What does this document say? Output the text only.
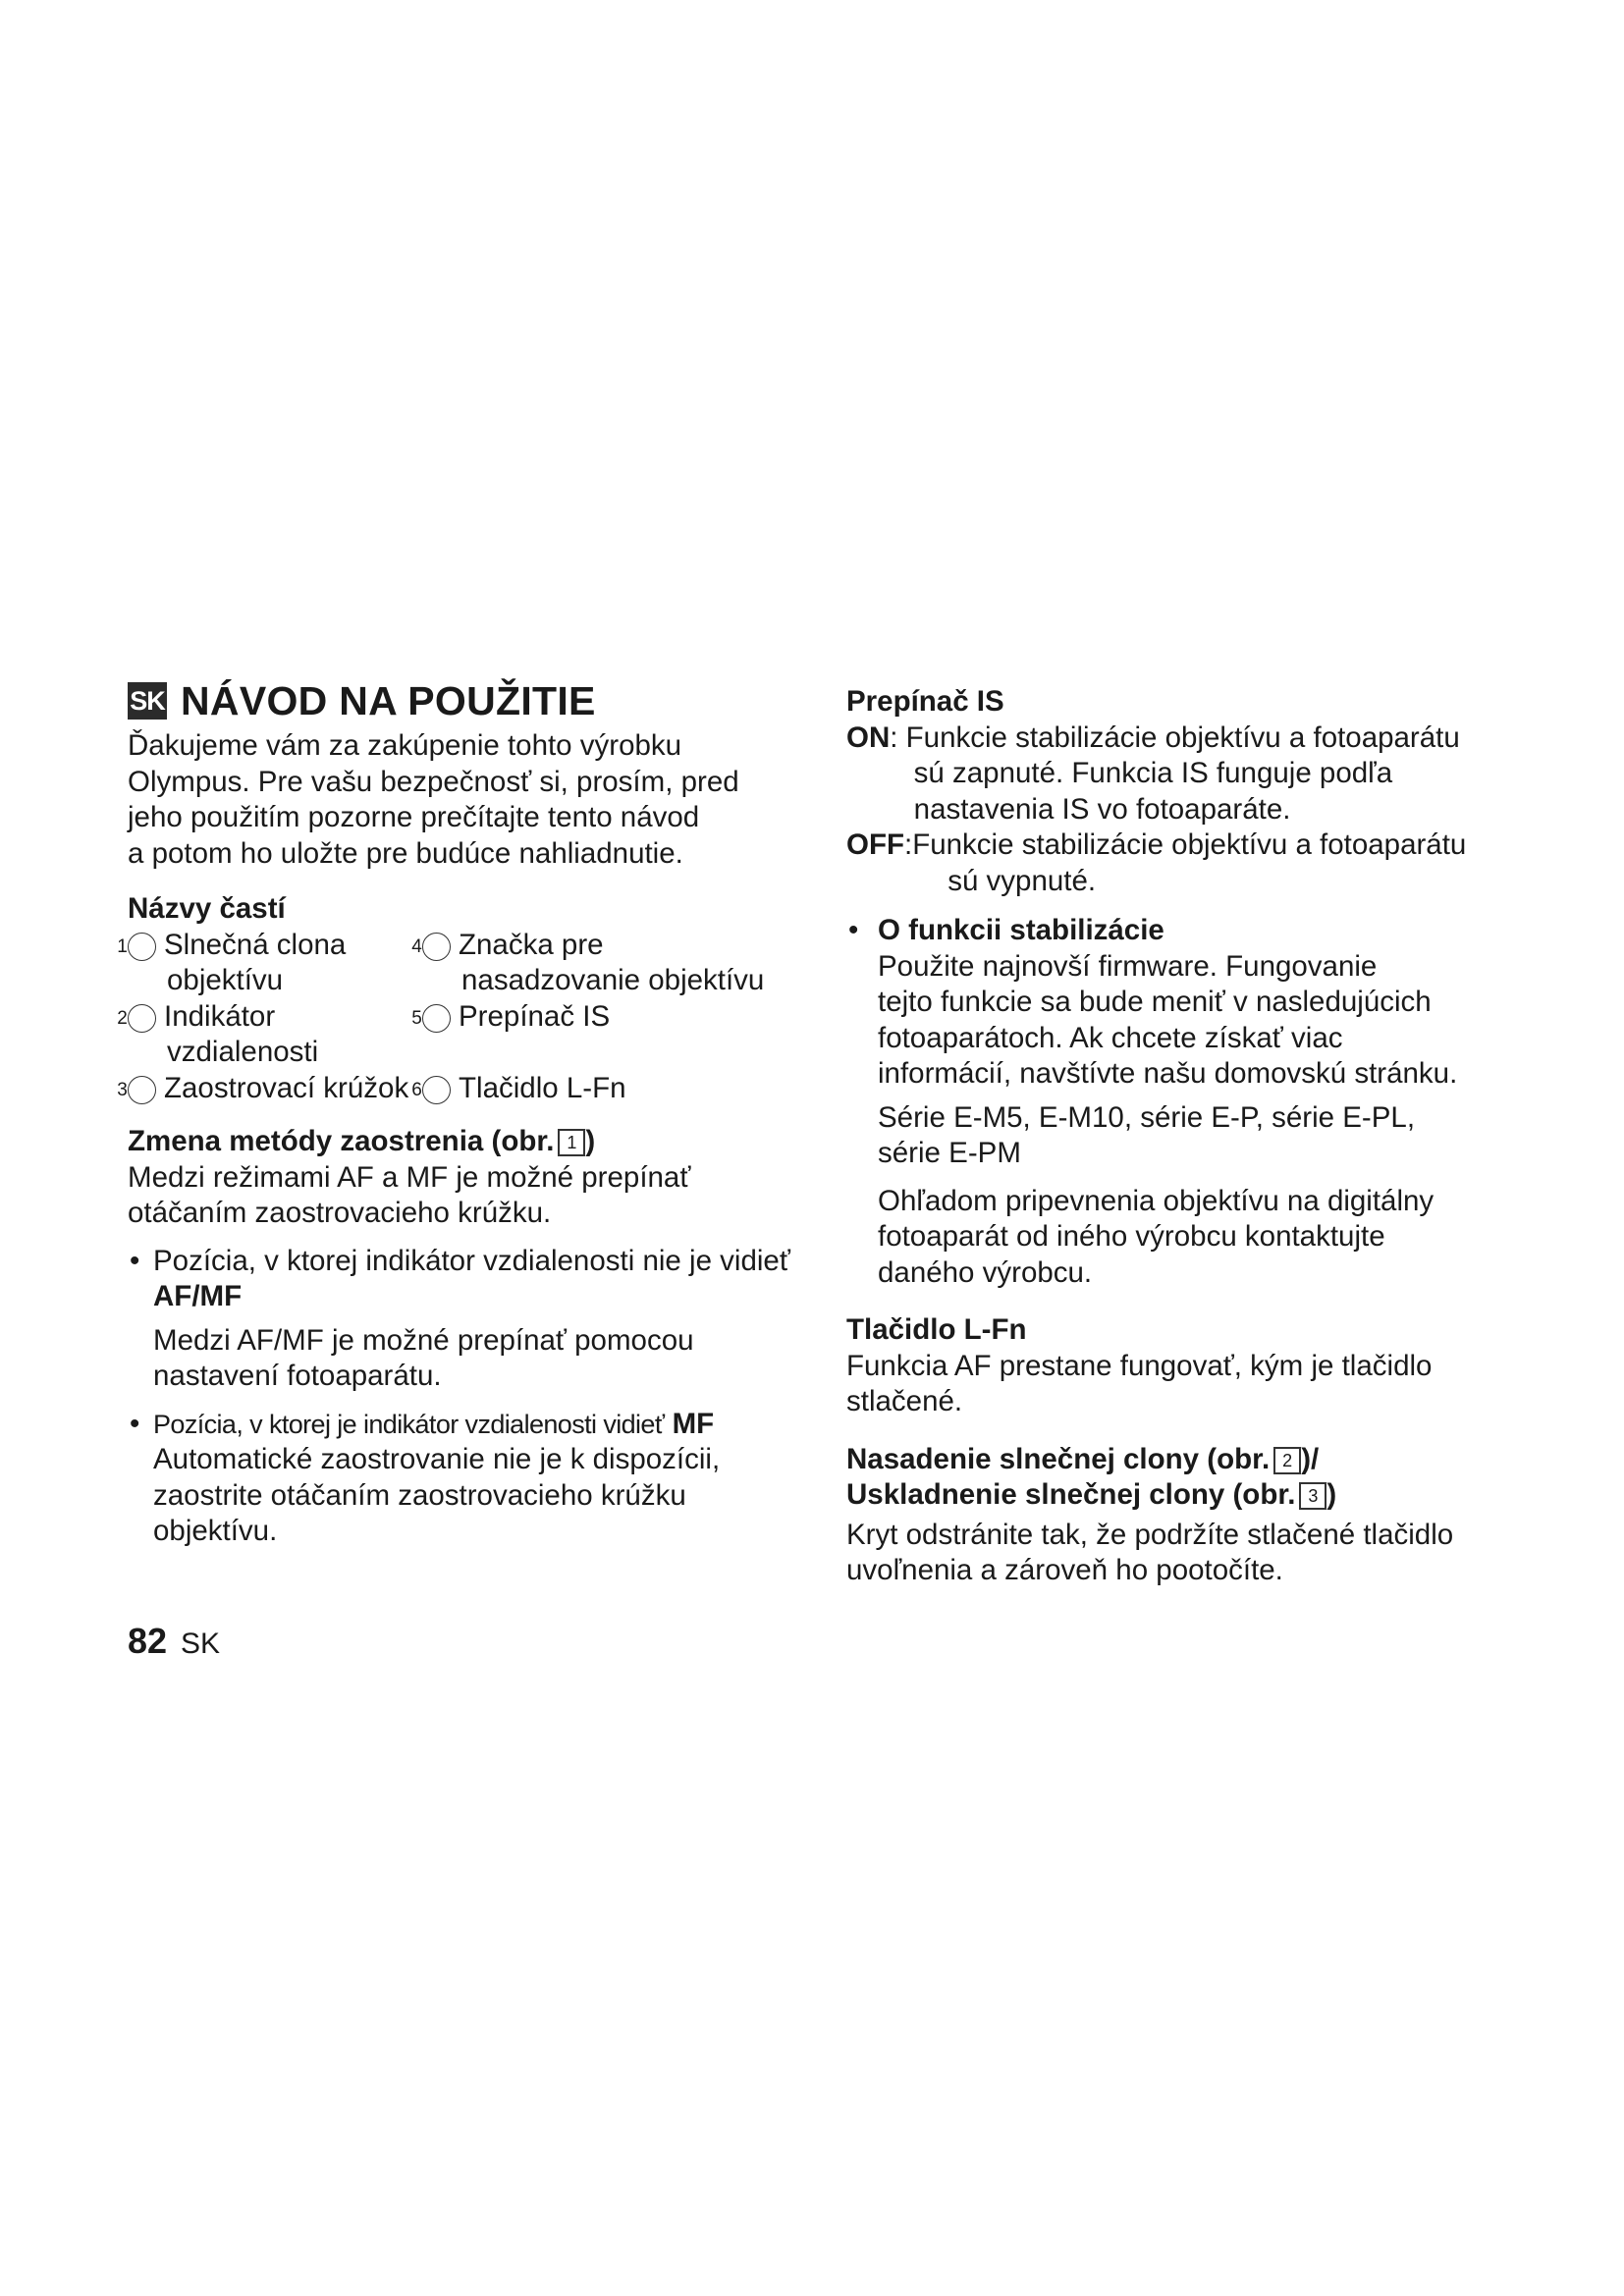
SK NÁVOD NA POUŽITIE
Ďakujeme vám za zakúpenie tohto výrobku
Olympus. Pre vašu bezpečnosť si, prosím, pred
jeho použitím pozorne prečítajte tento návod
a potom ho uložte pre budúce nahliadnutie.
Názvy častí
1 Slnečná clona objektívu
4 Značka pre nasadzovanie objektívu
2 Indikátor vzdialenosti
5 Prepínač IS
3 Zaostrovací krúžok 6 Tlačidlo L-Fn
Zmena metódy zaostrenia (obr. 1 )
Medzi režimami AF a MF je možné prepínať
otáčaním zaostrovacieho krúžku.
• Pozícia, v ktorej indikátor vzdialenosti nie je vidieť AF/MF
Medzi AF/MF je možné prepínať pomocou
nastavení fotoaparátu.
• Pozícia, v ktorej je indikátor vzdialenosti vidieť MF
Automatické zaostrovanie nie je k dispozícii,
zaostrite otáčaním zaostrovacieho krúžku
objektívu.
Prepínač IS
ON : Funkcie stabilizácie objektívu a fotoaparátu
sú zapnuté. Funkcia IS funguje podľa
nastavenia IS vo fotoaparáte.
OFF : Funkcie stabilizácie objektívu a fotoaparátu
sú vypnuté.
• O funkcii stabilizácie
Použite najnovší firmware. Fungovanie
tejto funkcie sa bude meniť v nasledujúcich
fotoaparátoch. Ak chcete získať viac
informácií, navštívte našu domovskú stránku.
Série E-M5, E-M10, série E-P, série E-PL,
série E-PM
Ohľadom pripevnenia objektívu na digitálny
fotoaparát od iného výrobcu kontaktujte
daného výrobcu.
Tlačidlo L-Fn
Funkcia AF prestane fungovať, kým je tlačidlo
stlačené.
Nasadenie slnečnej clony (obr. 2 )/
Uskladnenie slnečnej clony (obr. 3 )
Kryt odstránite tak, že podržíte stlačené tlačidlo
uvoľnenia a zároveň ho pootočíte.
82 SK
